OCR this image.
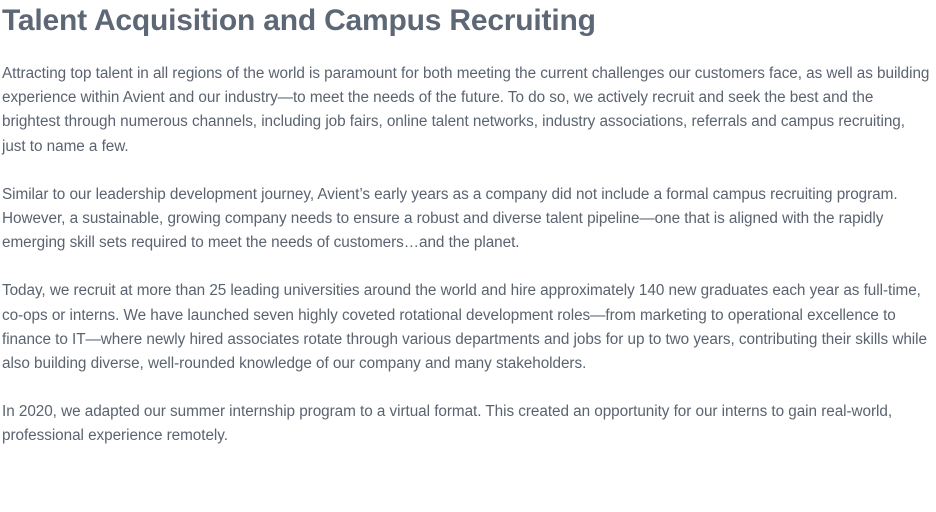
Talent Acquisition and Campus Recruiting

Attracting top talent in all regions of the world is paramount for both meeting the current challenges our customers face, as well as building experience within Avient and our industry—to meet the needs of the future. To do so, we actively recruit and seek the best and the brightest through numerous channels, including job fairs, online talent networks, industry associations, referrals and campus recruiting, just to name a few.

Similar to our leadership development journey, Avient’s early years as a company did not include a formal campus recruiting program. However, a sustainable, growing company needs to ensure a robust and diverse talent pipeline—one that is aligned with the rapidly emerging skill sets required to meet the needs of customers…and the planet.

Today, we recruit at more than 25 leading universities around the world and hire approximately 140 new graduates each year as full-time, co-ops or interns. We have launched seven highly coveted rotational development roles—from marketing to operational excellence to finance to IT—where newly hired associates rotate through various departments and jobs for up to two years, contributing their skills while also building diverse, well-rounded knowledge of our company and many stakeholders.

In 2020, we adapted our summer internship program to a virtual format. This created an opportunity for our interns to gain real-world, professional experience remotely.
